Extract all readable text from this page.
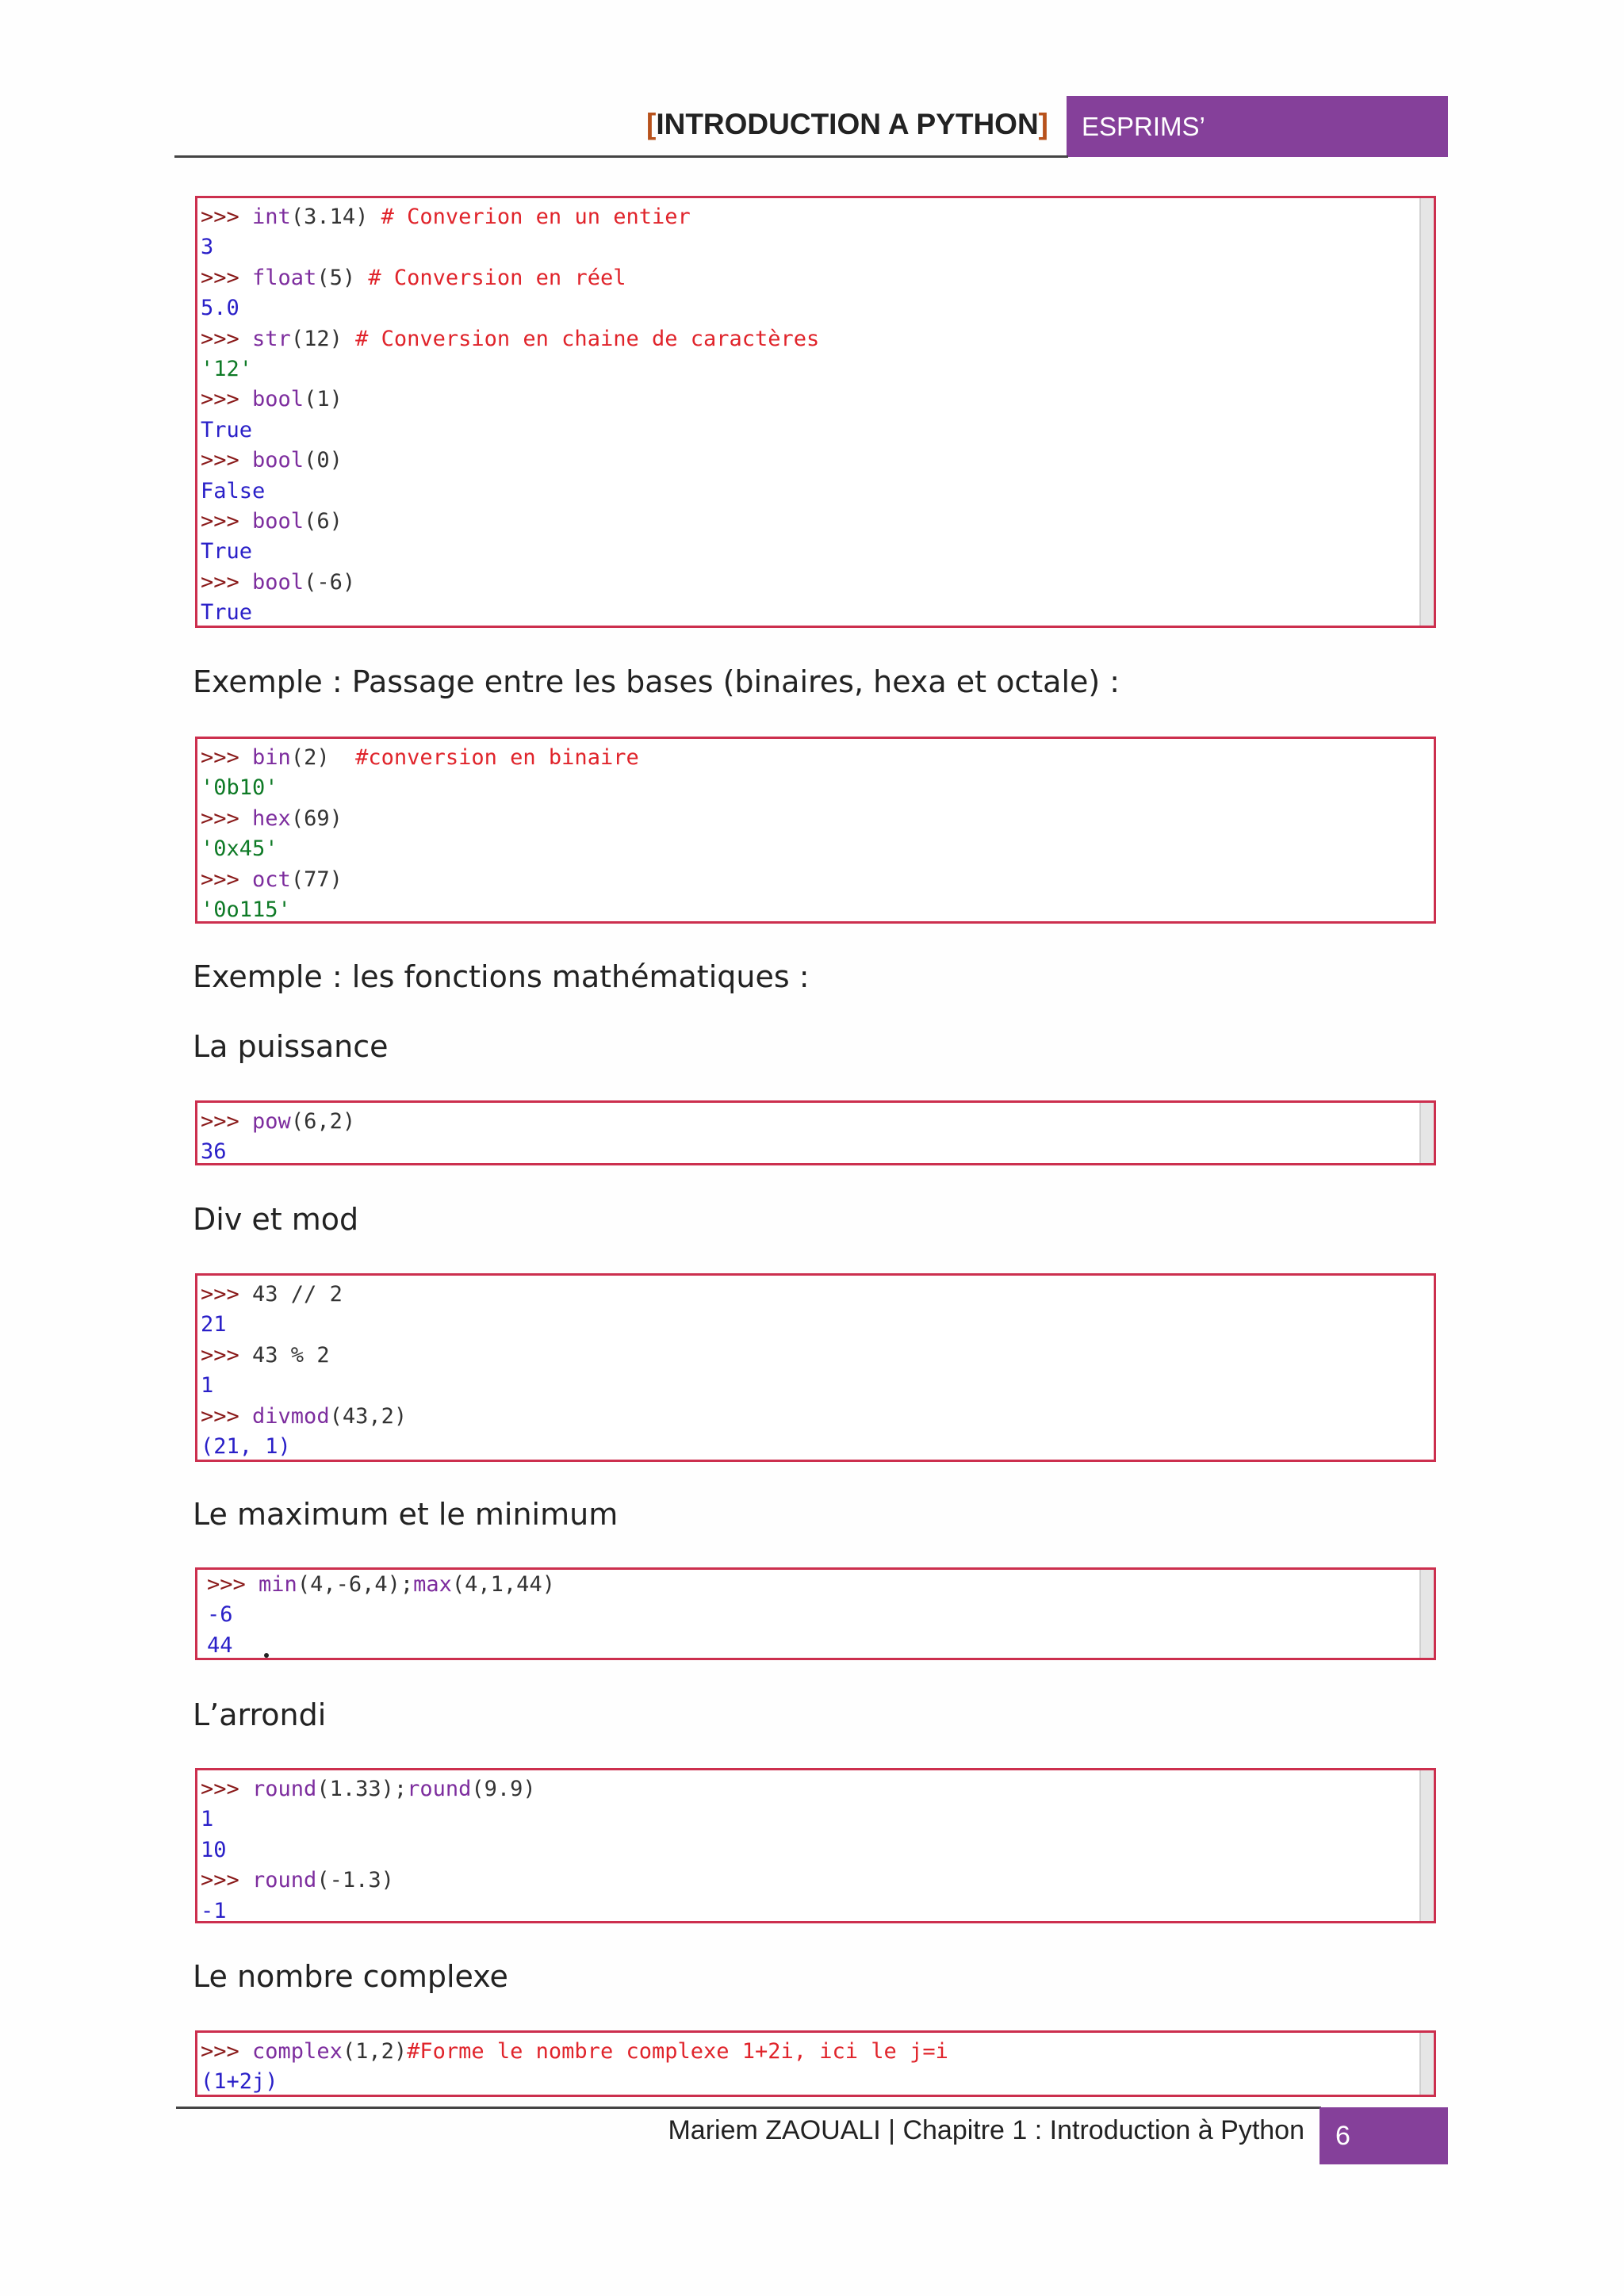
[INTRODUCTION A PYTHON]	ESPRIMS’
>>> int(3.14) # Converion en un entier
3
>>> float(5) # Conversion en réel
5.0
>>> str(12) # Conversion en chaine de caractères
'12'
>>> bool(1)
True
>>> bool(0)
False
>>> bool(6)
True
>>> bool(-6)
True
Exemple : Passage entre les bases (binaires, hexa et octale) :
>>> bin(2)  #conversion en binaire
'0b10'
>>> hex(69)
'0x45'
>>> oct(77)
'0o115'
Exemple : les fonctions mathématiques :
La puissance
>>> pow(6,2)
36
Div et mod
>>> 43 // 2
21
>>> 43 % 2
1
>>> divmod(43,2)
(21, 1)
Le maximum et le minimum
>>> min(4,-6,4);max(4,1,44)
-6
44
L’arrondi
>>> round(1.33);round(9.9)
1
10
>>> round(-1.3)
-1
Le nombre complexe
>>> complex(1,2)#Forme le nombre complexe 1+2i, ici le j=i
(1+2j)
Mariem ZAOUALI | Chapitre 1 : Introduction à Python	6
